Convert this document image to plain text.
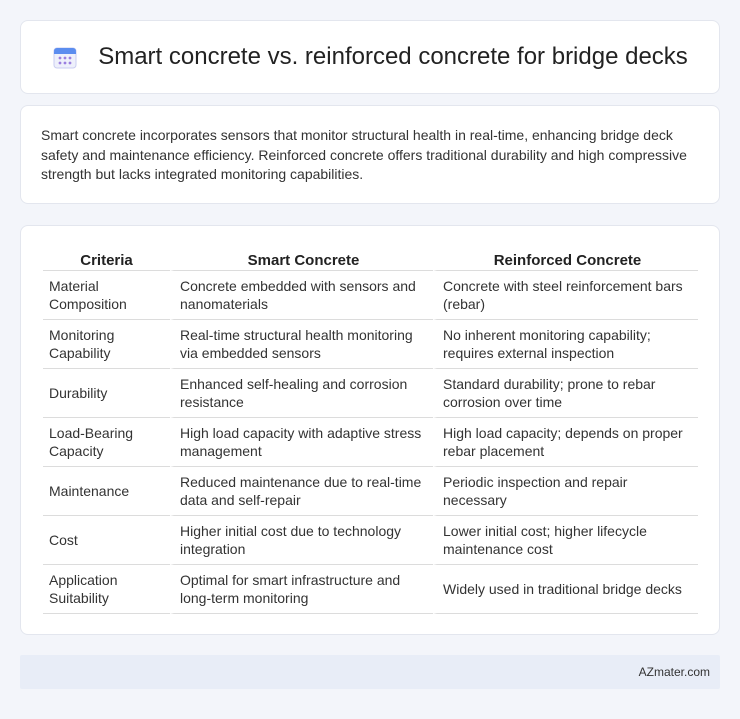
Smart concrete vs. reinforced concrete for bridge decks

Smart concrete incorporates sensors that monitor structural health in real-time, enhancing bridge deck safety and maintenance efficiency. Reinforced concrete offers traditional durability and high compressive strength but lacks integrated monitoring capabilities.

Criteria	Smart Concrete	Reinforced Concrete
Material Composition	Concrete embedded with sensors and nanomaterials	Concrete with steel reinforcement bars (rebar)
Monitoring Capability	Real-time structural health monitoring via embedded sensors	No inherent monitoring capability; requires external inspection
Durability	Enhanced self-healing and corrosion resistance	Standard durability; prone to rebar corrosion over time
Load-Bearing Capacity	High load capacity with adaptive stress management	High load capacity; depends on proper rebar placement
Maintenance	Reduced maintenance due to real-time data and self-repair	Periodic inspection and repair necessary
Cost	Higher initial cost due to technology integration	Lower initial cost; higher lifecycle maintenance cost
Application Suitability	Optimal for smart infrastructure and long-term monitoring	Widely used in traditional bridge decks
AZmater.com
